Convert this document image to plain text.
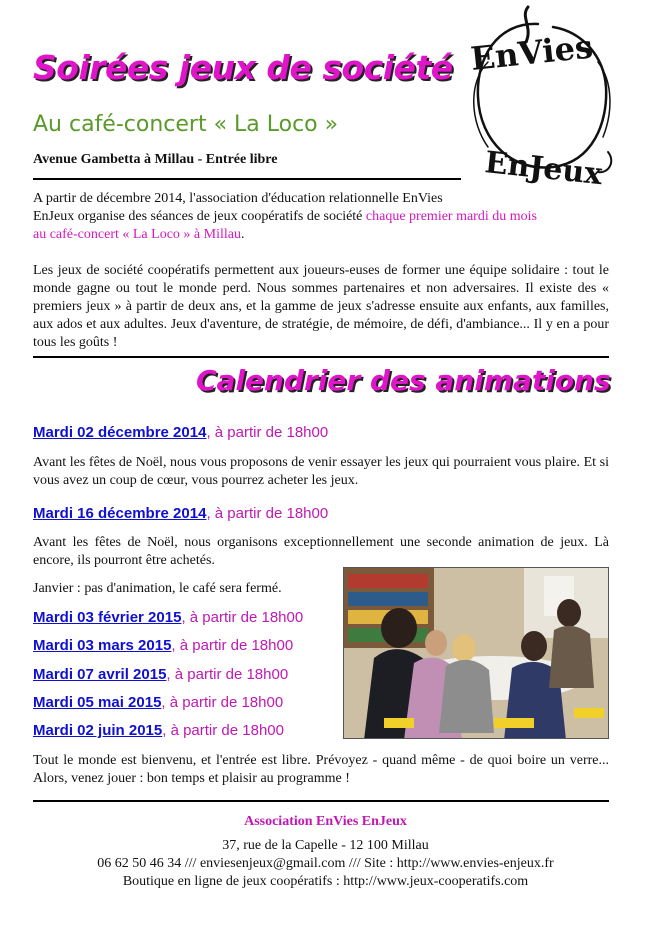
Soirées jeux de société
Au café-concert « La Loco »
Avenue Gambetta à Millau - Entrée libre
EnVies
EnJeux
A partir de décembre 2014, l'association d'éducation relationnelle EnVies
EnJeux organise des séances de jeux coopératifs de société chaque premier mardi du mois
au café-concert « La Loco » à Millau.
Les jeux de société coopératifs permettent aux joueurs-euses de former une équipe solidaire : tout le monde gagne ou tout le monde perd. Nous sommes partenaires et non adversaires. Il existe des « premiers jeux » à partir de deux ans, et la gamme de jeux s'adresse ensuite aux enfants, aux familles, aux ados et aux adultes. Jeux d'aventure, de stratégie, de mémoire, de défi, d'ambiance... Il y en a pour tous les goûts !
Calendrier des animations
Mardi 02 décembre 2014, à partir de 18h00
Avant les fêtes de Noël, nous vous proposons de venir essayer les jeux qui pourraient vous plaire. Et si vous avez un coup de cœur, vous pourrez acheter les jeux.
Mardi 16 décembre 2014, à partir de 18h00
Avant les fêtes de Noël, nous organisons exceptionnellement une seconde animation de jeux. Là encore, ils pourront être achetés.
Janvier : pas d'animation, le café sera fermé.
Mardi 03 février 2015, à partir de 18h00
Mardi 03 mars 2015, à partir de 18h00
Mardi 07 avril 2015, à partir de 18h00
Mardi 05 mai 2015, à partir de 18h00
Mardi 02 juin 2015, à partir de 18h00
Tout le monde est bienvenu, et l'entrée est libre. Prévoyez - quand même - de quoi boire un verre... Alors, venez jouer : bon temps et plaisir au programme !
Association EnVies EnJeux
37, rue de la Capelle - 12 100 Millau
06 62 50 46 34 /// enviesenjeux@gmail.com /// Site : http://www.envies-enjeux.fr
Boutique en ligne de jeux coopératifs : http://www.jeux-cooperatifs.com
